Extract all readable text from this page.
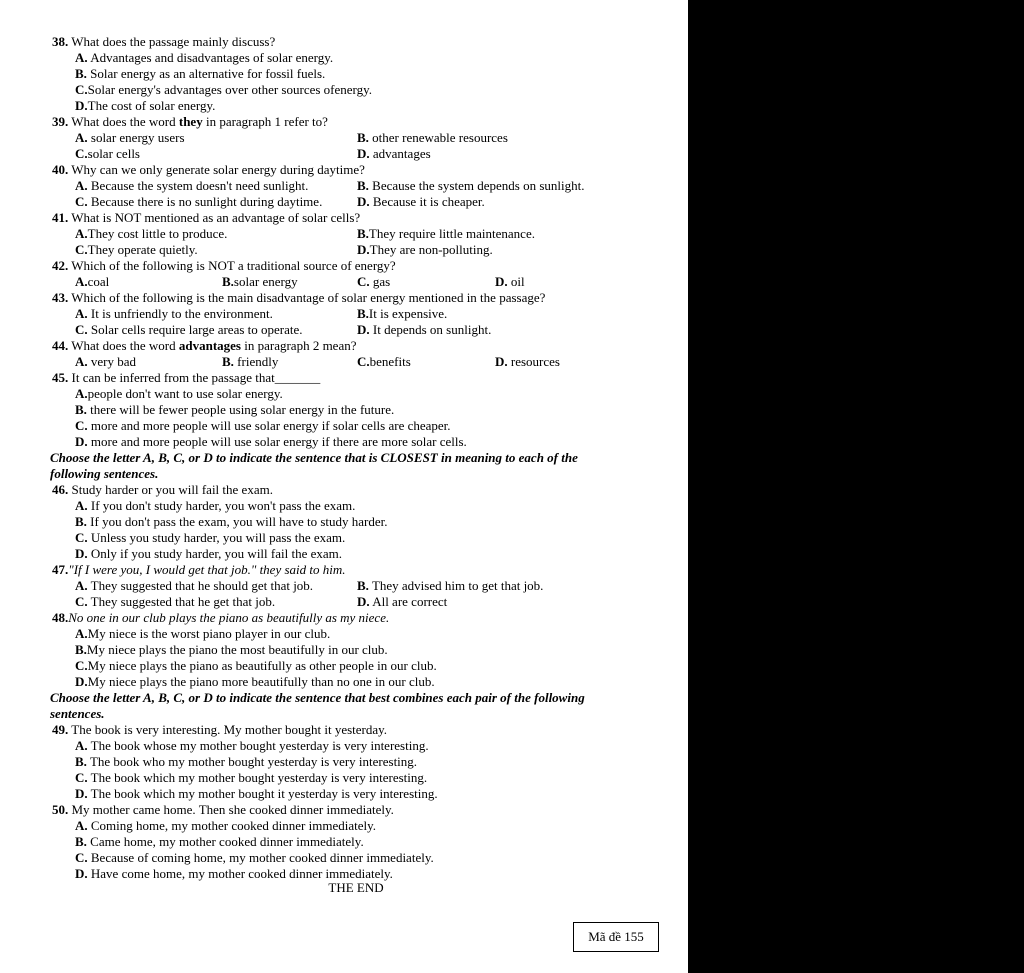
38. What does the passage mainly discuss?
A. Advantages and disadvantages of solar energy.
B. Solar energy as an alternative for fossil fuels.
C.Solar energy's advantages over other sources ofenergy.
D.The cost of solar energy.
39. What does the word they in paragraph 1 refer to?
A. solar energy users	B. other renewable resources
C.solar cells	D. advantages
40. Why can we only generate solar energy during daytime?
A. Because the system doesn't need sunlight.	B. Because the system depends on sunlight.
C. Because there is no sunlight during daytime.	D. Because it is cheaper.
41. What is NOT mentioned as an advantage of solar cells?
A.They cost little to produce.	B.They require little maintenance.
C.They operate quietly.	D.They are non-polluting.
42. Which of the following is NOT a traditional source of energy?
A.coal	B.solar energy	C. gas	D. oil
43. Which of the following is the main disadvantage of solar energy mentioned in the passage?
A. It is unfriendly to the environment.	B.It is expensive.
C. Solar cells require large areas to operate.	D. It depends on sunlight.
44. What does the word advantages in paragraph 2 mean?
A. very bad	B. friendly	C.benefits	D. resources
45. It can be inferred from the passage that_______
A.people don't want to use solar energy.
B. there will be fewer people using solar energy in the future.
C. more and more people will use solar energy if solar cells are cheaper.
D. more and more people will use solar energy if there are more solar cells.
Choose the letter A, B, C, or D to indicate the sentence that is CLOSEST in meaning to each of the
following sentences.
46. Study harder or you will fail the exam.
A. If you don't study harder, you won't pass the exam.
B. If you don't pass the exam, you will have to study harder.
C. Unless you study harder, you will pass the exam.
D. Only if you study harder, you will fail the exam.
47."If I were you, I would get that job." they said to him.
A. They suggested that he should get that job.	B. They advised him to get that job.
C. They suggested that he get that job.	D. All are correct
48.No one in our club plays the piano as beautifully as my niece.
A.My niece is the worst piano player in our club.
B.My niece plays the piano the most beautifully in our club.
C.My niece plays the piano as beautifully as other people in our club.
D.My niece plays the piano more beautifully than no one in our club.
Choose the letter A, B, C, or D to indicate the sentence that best combines each pair of the following
sentences.
49. The book is very interesting. My mother bought it yesterday.
A. The book whose my mother bought yesterday is very interesting.
B. The book who my mother bought yesterday is very interesting.
C. The book which my mother bought yesterday is very interesting.
D. The book which my mother bought it yesterday is very interesting.
50. My mother came home. Then she cooked dinner immediately.
A. Coming home, my mother cooked dinner immediately.
B. Came home, my mother cooked dinner immediately.
C. Because of coming home, my mother cooked dinner immediately.
D. Have come home, my mother cooked dinner immediately.
THE END
Mã đề 155
